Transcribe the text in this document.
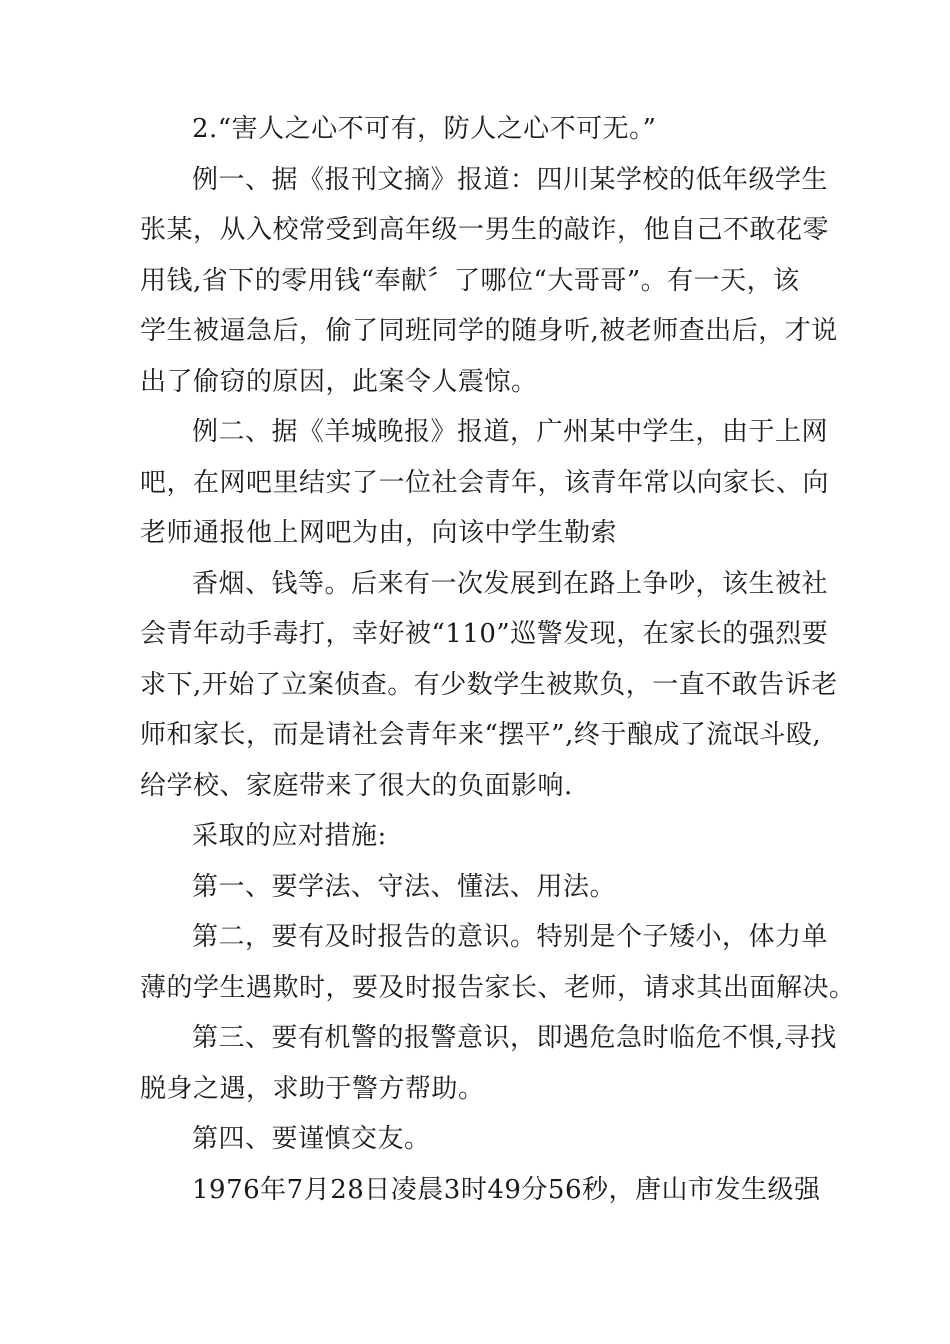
2.“害人之心不可有，防人之心不可无。”
例一、据《报刊文摘》报道：四川某学校的低年级学生
张某，从入校常受到高年级一男生的敲诈，他自己不敢花零
用钱,省下的零用钱“奉献〞了哪位“大哥哥”。有一天，该
学生被逼急后，偷了同班同学的随身听,被老师查出后，才说
出了偷窃的原因，此案令人震惊。
例二、据《羊城晚报》报道，广州某中学生，由于上网
吧，在网吧里结实了一位社会青年，该青年常以向家长、向
老师通报他上网吧为由，向该中学生勒索
香烟、钱等。后来有一次发展到在路上争吵，该生被社
会青年动手毒打，幸好被“110”巡警发现，在家长的强烈要
求下,开始了立案侦查。有少数学生被欺负，一直不敢告诉老
师和家长，而是请社会青年来“摆平”,终于酿成了流氓斗殴,
给学校、家庭带来了很大的负面影响.
采取的应对措施:
第一、要学法、守法、懂法、用法。
第二，要有及时报告的意识。特别是个子矮小，体力单
薄的学生遇欺时，要及时报告家长、老师，请求其出面解决。
第三、要有机警的报警意识，即遇危急时临危不惧,寻找
脱身之遇，求助于警方帮助。
第四、要谨慎交友。
1976年7月28日凌晨3时49分56秒，唐山市发生级强
